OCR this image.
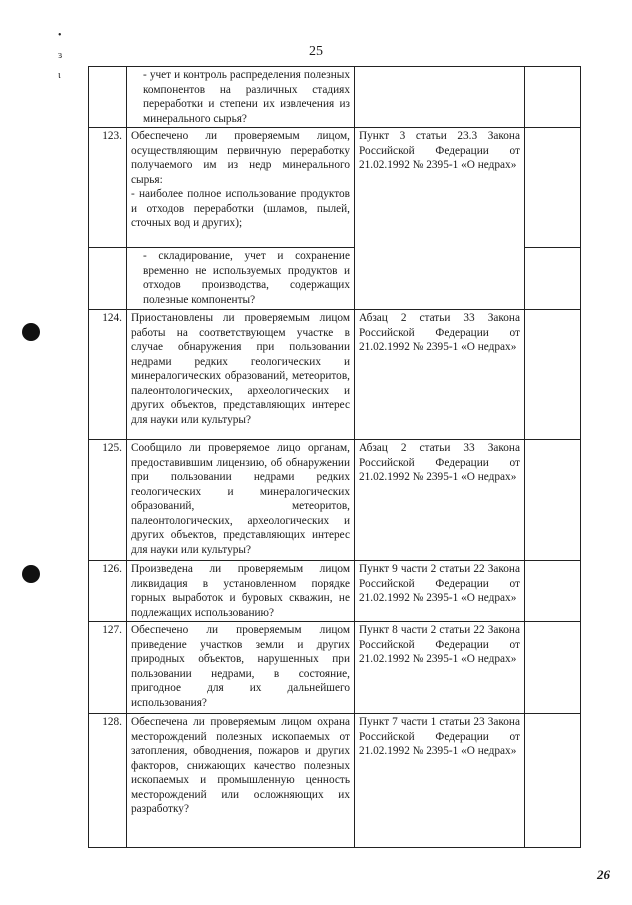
25
•
ɜ
ɩ
		- учет и контроль распределения полезных компонентов на различных стадиях переработки и степени их извлечения из минерального сырья?		
123.	Обеспечено ли проверяемым лицом, осуществляющим первичную переработку получаемого им из недр минерального сырья:
- наиболее полное использование продуктов и отходов переработки (шламов, пылей, сточных вод и других);	Пункт 3 статьи 23.3 Закона Российской Федерации от 21.02.1992 № 2395-1 «О недрах»	
	- складирование, учет и сохранение временно не используемых продуктов и отходов производства, содержащих полезные компоненты?		
124.	Приостановлены ли проверяемым лицом работы на соответствующем участке в случае обнаружения при пользовании недрами редких геологических и минералогических образований, метеоритов, палеонтологических, археологических и других объектов, представляющих интерес для науки или культуры?	Абзац 2 статьи 33 Закона Российской Федерации от 21.02.1992 № 2395-1 «О недрах»	
125.	Сообщило ли проверяемое лицо органам, предоставившим лицензию, об обнаружении при пользовании недрами редких геологических и минералогических образований, метеоритов, палеонтологических, археологических и других объектов, представляющих интерес для науки или культуры?	Абзац 2 статьи 33 Закона Российской Федерации от 21.02.1992 № 2395-1 «О недрах»	
126.	Произведена ли проверяемым лицом ликвидация в установленном порядке горных выработок и буровых скважин, не подлежащих использованию?	Пункт 9 части 2 статьи 22 Закона Российской Федерации от 21.02.1992 № 2395-1 «О недрах»	
127.	Обеспечено ли проверяемым лицом приведение участков земли и других природных объектов, нарушенных при пользовании недрами, в состояние, пригодное для их дальнейшего использования?	Пункт 8 части 2 статьи 22 Закона Российской Федерации от 21.02.1992 № 2395-1 «О недрах»	
128.	Обеспечена ли проверяемым лицом охрана месторождений полезных ископаемых от затопления, обводнения, пожаров и других факторов, снижающих качество полезных ископаемых и промышленную ценность месторождений или осложняющих их разработку?	Пункт 7 части 1 статьи 23 Закона Российской Федерации от 21.02.1992 № 2395-1 «О недрах»	
26
